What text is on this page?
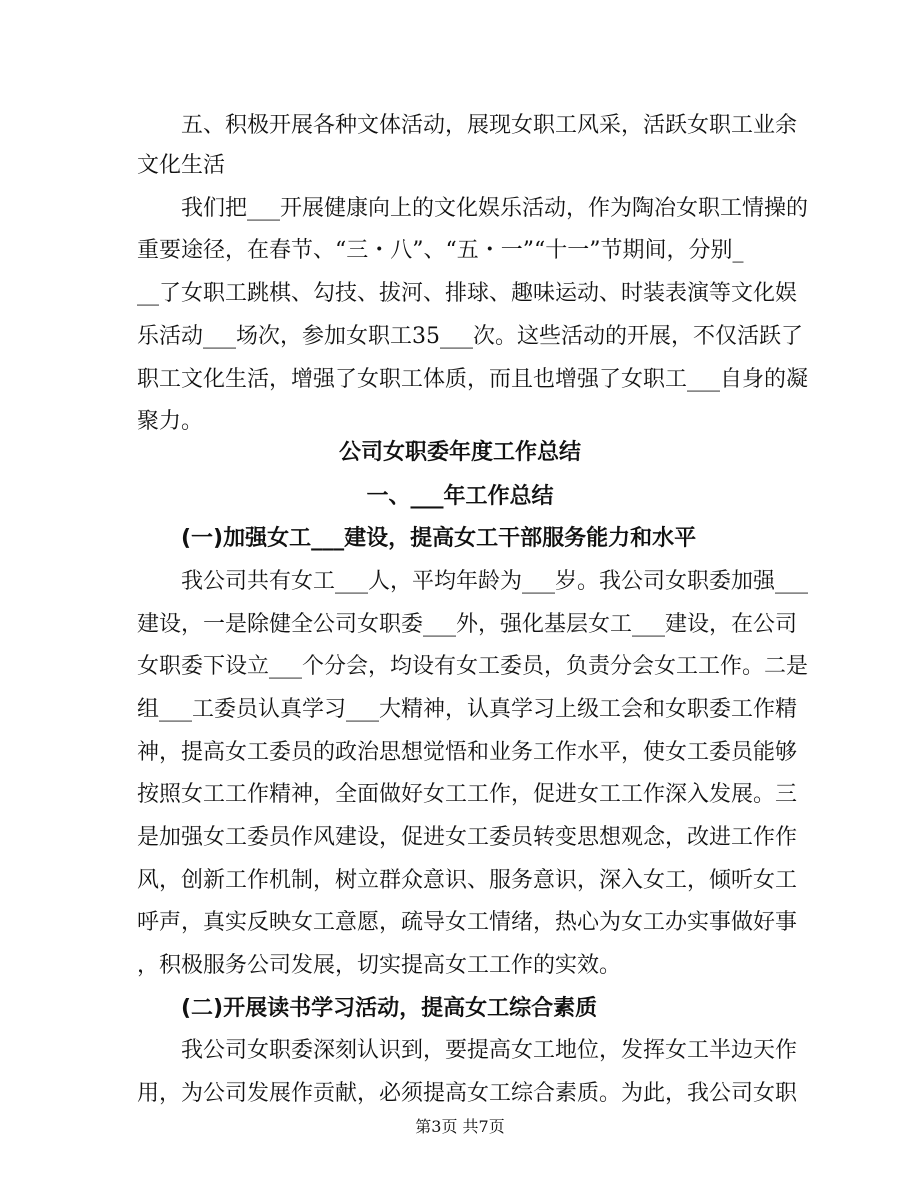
五、积极开展各种文体活动，展现女职工风采，活跃女职工业余
文化生活
我们把___开展健康向上的文化娱乐活动，作为陶冶女职工情操的
重要途径，在春节、“三・八”、“五・一”“十一”节期间，分别_
__了女职工跳棋、勾技、拔河、排球、趣味运动、时装表演等文化娱
乐活动___场次，参加女职工35___次。这些活动的开展，不仅活跃了
职工文化生活，增强了女职工体质，而且也增强了女职工___自身的凝
聚力。
公司女职委年度工作总结
一、___年工作总结
(一)加强女工___建设，提高女工干部服务能力和水平
我公司共有女工___人，平均年龄为___岁。我公司女职委加强___
建设，一是除健全公司女职委___外，强化基层女工___建设，在公司
女职委下设立___个分会，均设有女工委员，负责分会女工工作。二是
组___工委员认真学习___大精神，认真学习上级工会和女职委工作精
神，提高女工委员的政治思想觉悟和业务工作水平，使女工委员能够
按照女工工作精神，全面做好女工工作，促进女工工作深入发展。三
是加强女工委员作风建设，促进女工委员转变思想观念，改进工作作
风，创新工作机制，树立群众意识、服务意识，深入女工，倾听女工
呼声，真实反映女工意愿，疏导女工情绪，热心为女工办实事做好事
，积极服务公司发展，切实提高女工工作的实效。
(二)开展读书学习活动，提高女工综合素质
我公司女职委深刻认识到，要提高女工地位，发挥女工半边天作
用，为公司发展作贡献，必须提高女工综合素质。为此，我公司女职
第3页 共7页
